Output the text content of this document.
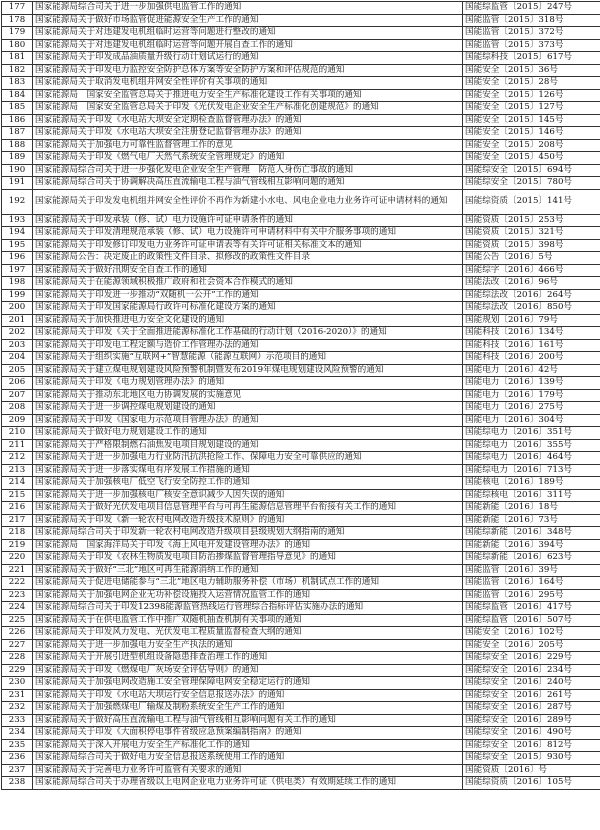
177	国家能源局综合司关于进一步加强供电监管工作的通知	国能综监管〔2015〕247号
178	国家能源局关于做好市场监管促进能源安全生产工作的通知	国能监管〔2015〕318号
179	国家能源局关于对违建发电机组临时运营等问题进行整改的通知	国能监管〔2015〕372号
180	国家能源局关于对违建发电机组临时运营等问题开展自查工作的通知	国能监管〔2015〕373号
181	国家能源局关于印发成品油质量升级行动计划试运行的通知	国能综科技〔2015〕617号
182	国家能源局关于印发电力监控安全防护总体方案等安全防护方案和评估规范的通知	国能安全〔2015〕36号
183	国家能源局关于取消发电机组并网安全性评价有关事项的通知	国能安全〔2015〕28号
184	国家能源局　国家安全监管总局关于推进电力安全生产标准化建设工作有关事项的通知	国能安全〔2015〕126号
185	国家能源局　国家安全监管总局关于印发《光伏发电企业安全生产标准化创建规范》的通知	国能安全〔2015〕127号
186	国家能源局关于印发《水电站大坝安全定期检查监督管理办法》的通知	国能安全〔2015〕145号
187	国家能源局关于印发《水电站大坝安全注册登记监督管理办法》的通知	国能安全〔2015〕146号
188	国家能源局关于加强电力可靠性监督管理工作的意见	国能安全〔2015〕208号
189	国家能源局关于印发《燃气电厂天然气系统安全管理规定》的通知	国能安全〔2015〕450号
190	国家能源局综合司关于进一步强化发电企业安全生产管理　防范人身伤亡事故的通知	国能综安全〔2015〕694号
191	国家能源局综合司关于协调解决高压直流输电工程与油气管线相互影响问题的通知	国能综安全〔2015〕780号
192	国家能源局关于印发发电机组并网安全性评价不再作为新建小水电、风电企业电力业务许可证申请材料的通知	国能综资质〔2015〕141号
193	国家能源局关于印发承装（修、试）电力设施许可证申请条件的通知	国能资质〔2015〕253号
194	国家能源局关于印发清理规范承装（修、试）电力设施许可申请材料中有关中介服务事项的通知	国能资质〔2015〕321号
195	国家能源局关于印发修订印发电力业务许可证申请表等有关许可证相关标准文本的通知	国能资质〔2015〕398号
196	国家能源局公告：决定废止的政策性文件目录、拟修改的政策性文件目录	国能公告〔2016〕5号
197	国家能源局关于做好汛期安全自查工作的通知	国能综字〔2016〕466号
198	国家能源局关于在能源领域积极推广政府和社会资本合作模式的通知	国能法改〔2016〕96号
199	国家能源局关于印发进一步推动“双随机一公开”工作的通知	国能综法改〔2016〕264号
200	国家能源局关于印发国家能源局行政许可标准化建设方案的通知	国能综法改〔2016〕850号
201	国家能源局关于加快推进电力安全文化建设的通知	国能规划〔2016〕79号
202	国家能源局关于印发《关于全面推进能源标准化工作基础的行动计划（2016-2020）》的通知	国能科技〔2016〕134号
203	国家能源局关于印发电工程定额与造价工作管理办法的通知	国能科技〔2016〕161号
204	国家能源局关于组织实施“互联网+”智慧能源（能源互联网）示范项目的通知	国能科技〔2016〕200号
205	国家能源局关于建立煤电规划建设风险预警机制暨发布2019年煤电规划建设风险预警的通知	国能电力〔2016〕42号
206	国家能源局关于印发《电力规划管理办法》的通知	国能电力〔2016〕139号
207	国家能源局关于推动东北地区电力协调发展的实施意见	国能电力〔2016〕179号
208	国家能源局关于进一步调控煤电规划建设的通知	国能电力〔2016〕275号
209	国家能源局关于印发《国家电力示范项目管理办法》的通知	国能电力〔2016〕304号
210	国家能源局关于做好电力规划建设工作的通知	国能综电力〔2016〕351号
211	国家能源局关于严格限制燃石油焦发电项目规划建设的通知	国能综电力〔2016〕355号
212	国家能源局关于进一步加强电力行业防汛抗洪抢险工作、保障电力安全可靠供应的通知	国能综电力〔2016〕464号
213	国家能源局关于进一步落实煤电有序发展工作措施的通知	国能综电力〔2016〕713号
214	国家能源局关于加强核电厂低空飞行安全防控工作的通知	国能核电〔2016〕189号
215	国家能源局关于进一步加强核电厂核安全意识减少人因失误的通知	国能综核电〔2016〕311号
216	国家能源局关于做好光伏发电项目信息管理平台与可再生能源信息管理平台衔接有关工作的通知	国能新能〔2016〕18号
217	国家能源局关于印发《新一轮农村电网改造升级技术原则》的通知	国能新能〔2016〕73号
218	国家能源局综合司关于印发新一轮农村电网改造升级项目县级规划大纲指南的通知	国能综新能〔2016〕348号
219	国家能源局　国家海洋局关于印发《海上风电开发建设管理办法》的通知	国能新能〔2016〕394号
220	国家能源局关于印发《农林生物质发电项目防治掺煤监督管理指导意见》的通知	国能综新能〔2016〕623号
221	国家能源局关于做好“三北”地区可再生能源消纳工作的通知	国能监管〔2016〕39号
222	国家能源局关于促进电储能参与“三北”地区电力辅助服务补偿（市场）机制试点工作的通知	国能监管〔2016〕164号
223	国家能源局关于加强电网企业无功补偿设施投入运营情况监管工作的通知	国能监管〔2016〕295号
224	国家能源局综合司关于印发12398能源监管热线运行管理综合指标评估实施办法的通知	国能综监管〔2016〕417号
225	国家能源局关于在供电监管工作中推广双随机抽查机制有关事项的通知	国能综监管〔2016〕507号
226	国家能源局关于印发风力发电、光伏发电工程质量监督检查大纲的通知	国能安全〔2016〕102号
227	国家能源局关于进一步加强电力安全生产执法的通知	国能安全〔2016〕205号
228	国家能源局关于开展引进型机组设备隐患排查治理工作的通知	国能综安全〔2016〕229号
229	国家能源局关于印发《燃煤电厂灰场安全评估导则》的通知	国能综安全〔2016〕234号
230	国家能源局关于加强电网改造施工安全管理保障电网安全稳定运行的通知	国能综安全〔2016〕240号
231	国家能源局关于印发《水电站大坝运行安全信息报送办法》的通知	国能综安全〔2016〕261号
232	国家能源局关于加强燃煤电厂输煤及制粉系统安全生产工作的通知	国能综安全〔2016〕287号
233	国家能源局关于做好高压直流输电工程与油气管线相互影响问题有关工作的通知	国能综安全〔2016〕289号
234	国家能源局关于印发《大面积停电事件省级应急预案编制指南》的通知	国能综安全〔2016〕490号
235	国家能源局关于深入开展电力安全生产标准化工作的通知	国能综安全〔2016〕812号
236	国家能源局综合司关于做好电力安全信息报送系统使用工作的通知	国能综安全〔2015〕930号
237	国家能源局关于完善电力业务许可监管有关要求的通知	国能资质〔2016〕号
238	国家能源局综合司关于办理省级以上电网企业电力业务许可证（供电类）有效期延续工作的通知	国能综资质〔2016〕105号
